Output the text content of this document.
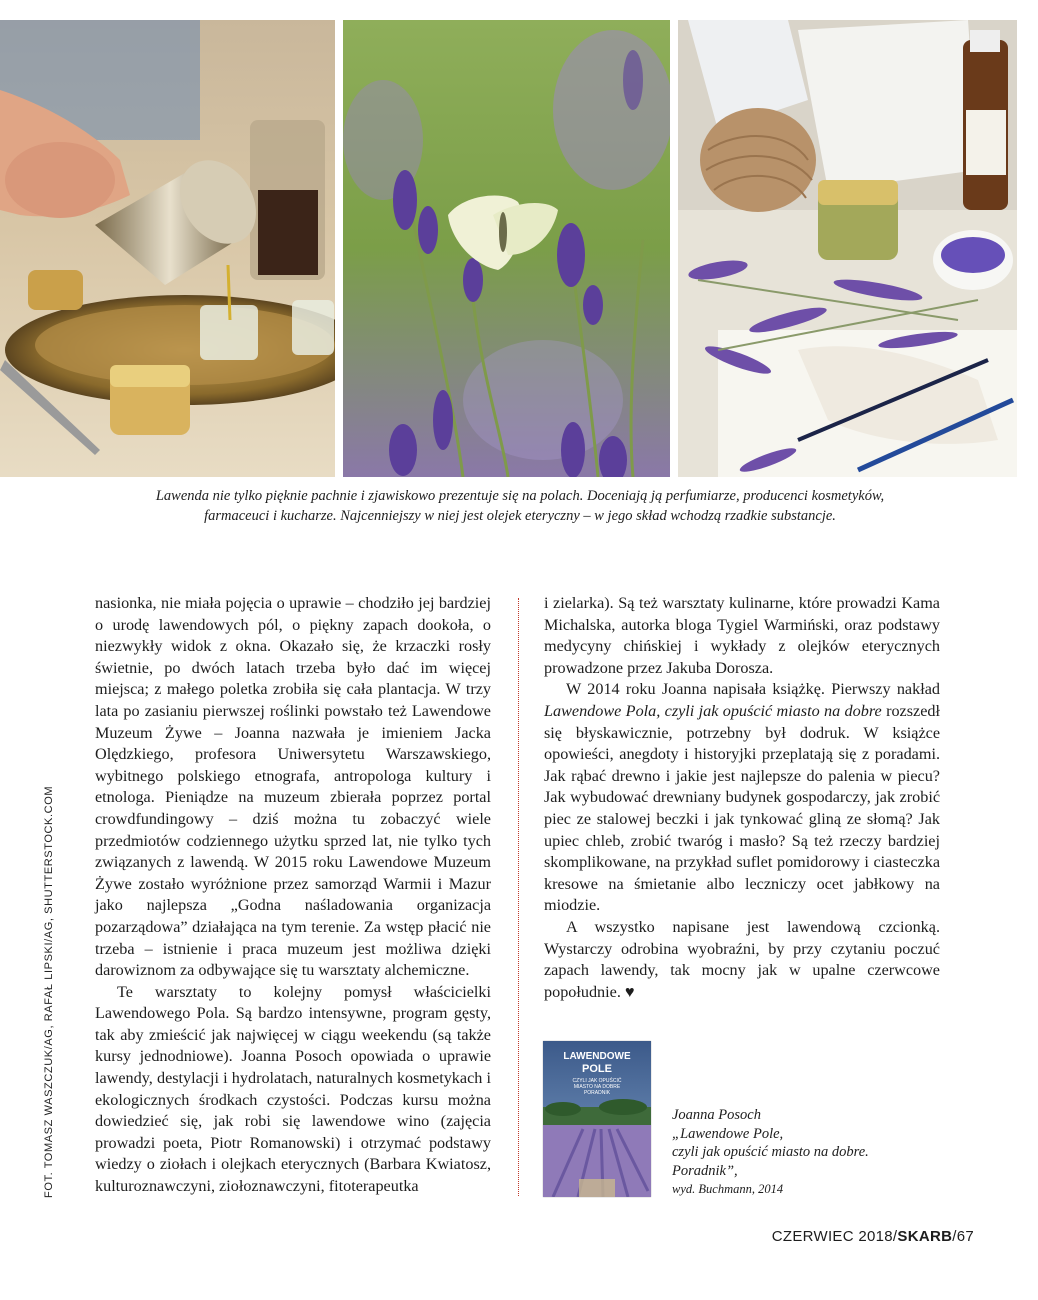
Lawenda nie tylko pięknie pachnie i zjawiskowo prezentuje się na polach. Doceniają ją perfumiarze, producenci kosmetyków,
farmaceuci i kucharze. Najcenniejszy w niej jest olejek eteryczny – w jego skład wchodzą rzadkie substancje.
FOT. TOMASZ WASZCZUK/AG, RAFAŁ LIPSKI/AG, SHUTTERSTOCK.COM

nasionka, nie miała pojęcia o uprawie – chodziło jej bardziej o urodę lawendowych pól, o piękny zapach dookoła, o niezwykły widok z okna. Okazało się, że krzaczki rosły świetnie, po dwóch latach trzeba było dać im więcej miejsca; z małego poletka zrobiła się cała plantacja. W trzy lata po zasianiu pierwszej roślinki powstało też Lawendowe Muzeum Żywe – Joanna nazwała je imieniem Jacka Olędzkiego, profesora Uniwersytetu Warszawskiego, wybitnego polskiego etnografa, antropologa kultury i etnologa. Pieniądze na muzeum zbierała poprzez portal crowdfundingowy – dziś można tu zobaczyć wiele przedmiotów codziennego użytku sprzed lat, nie tylko tych związanych z lawendą. W 2015 roku Lawendowe Muzeum Żywe zostało wyróżnione przez samorząd Warmii i Mazur jako najlepsza „Godna naśladowania organizacja pozarządowa” działająca na tym terenie. Za wstęp płacić nie trzeba – istnienie i praca muzeum jest możliwa dzięki darowiznom za odbywające się tu warsztaty alchemiczne.

Te warsztaty to kolejny pomysł właścicielki Lawendowego Pola. Są bardzo intensywne, program gęsty, tak aby zmieścić jak najwięcej w ciągu weekendu (są także kursy jednodniowe). Joanna Posoch opowiada o uprawie lawendy, destylacji i hydrolatach, naturalnych kosmetykach i ekologicznych środkach czystości. Podczas kursu można dowiedzieć się, jak robi się lawendowe wino (zajęcia prowadzi poeta, Piotr Romanowski) i otrzymać podstawy wiedzy o ziołach i olejkach eterycznych (Barbara Kwiatosz, kulturoznawczyni, ziołoznawczyni, fitoterapeutka

i zielarka). Są też warsztaty kulinarne, które prowadzi Kama Michalska, autorka bloga Tygiel Warmiński, oraz podstawy medycyny chińskiej i wykłady z olejków eterycznych prowadzone przez Jakuba Dorosza.

W 2014 roku Joanna napisała książkę. Pierwszy nakład Lawendowe Pola, czyli jak opuścić miasto na dobre rozszedł się błyskawicznie, potrzebny był dodruk. W książce opowieści, anegdoty i historyjki przeplatają się z poradami. Jak rąbać drewno i jakie jest najlepsze do palenia w piecu? Jak wybudować drewniany budynek gospodarczy, jak zrobić piec ze stalowej beczki i jak tynkować gliną ze słomą? Jak upiec chleb, zrobić twaróg i masło? Są też rzeczy bardziej skomplikowane, na przykład suflet pomidorowy i ciasteczka kresowe na śmietanie albo leczniczy ocet jabłkowy na miodzie.

A wszystko napisane jest lawendową czcionką. Wystarczy odrobina wyobraźni, by przy czytaniu poczuć zapach lawendy, tak mocny jak w upalne czerwcowe popołudnie. ♥

LAWENDOWE
POLE
CZYLI JAK OPUŚCIĆ
MIASTO NA DOBRE
PORADNIK
Joanna Posoch
„Lawendowe Pole,
czyli jak opuścić miasto na dobre.
Poradnik”,
wyd. Buchmann, 2014
CZERWIEC 2018/SKARB/67
